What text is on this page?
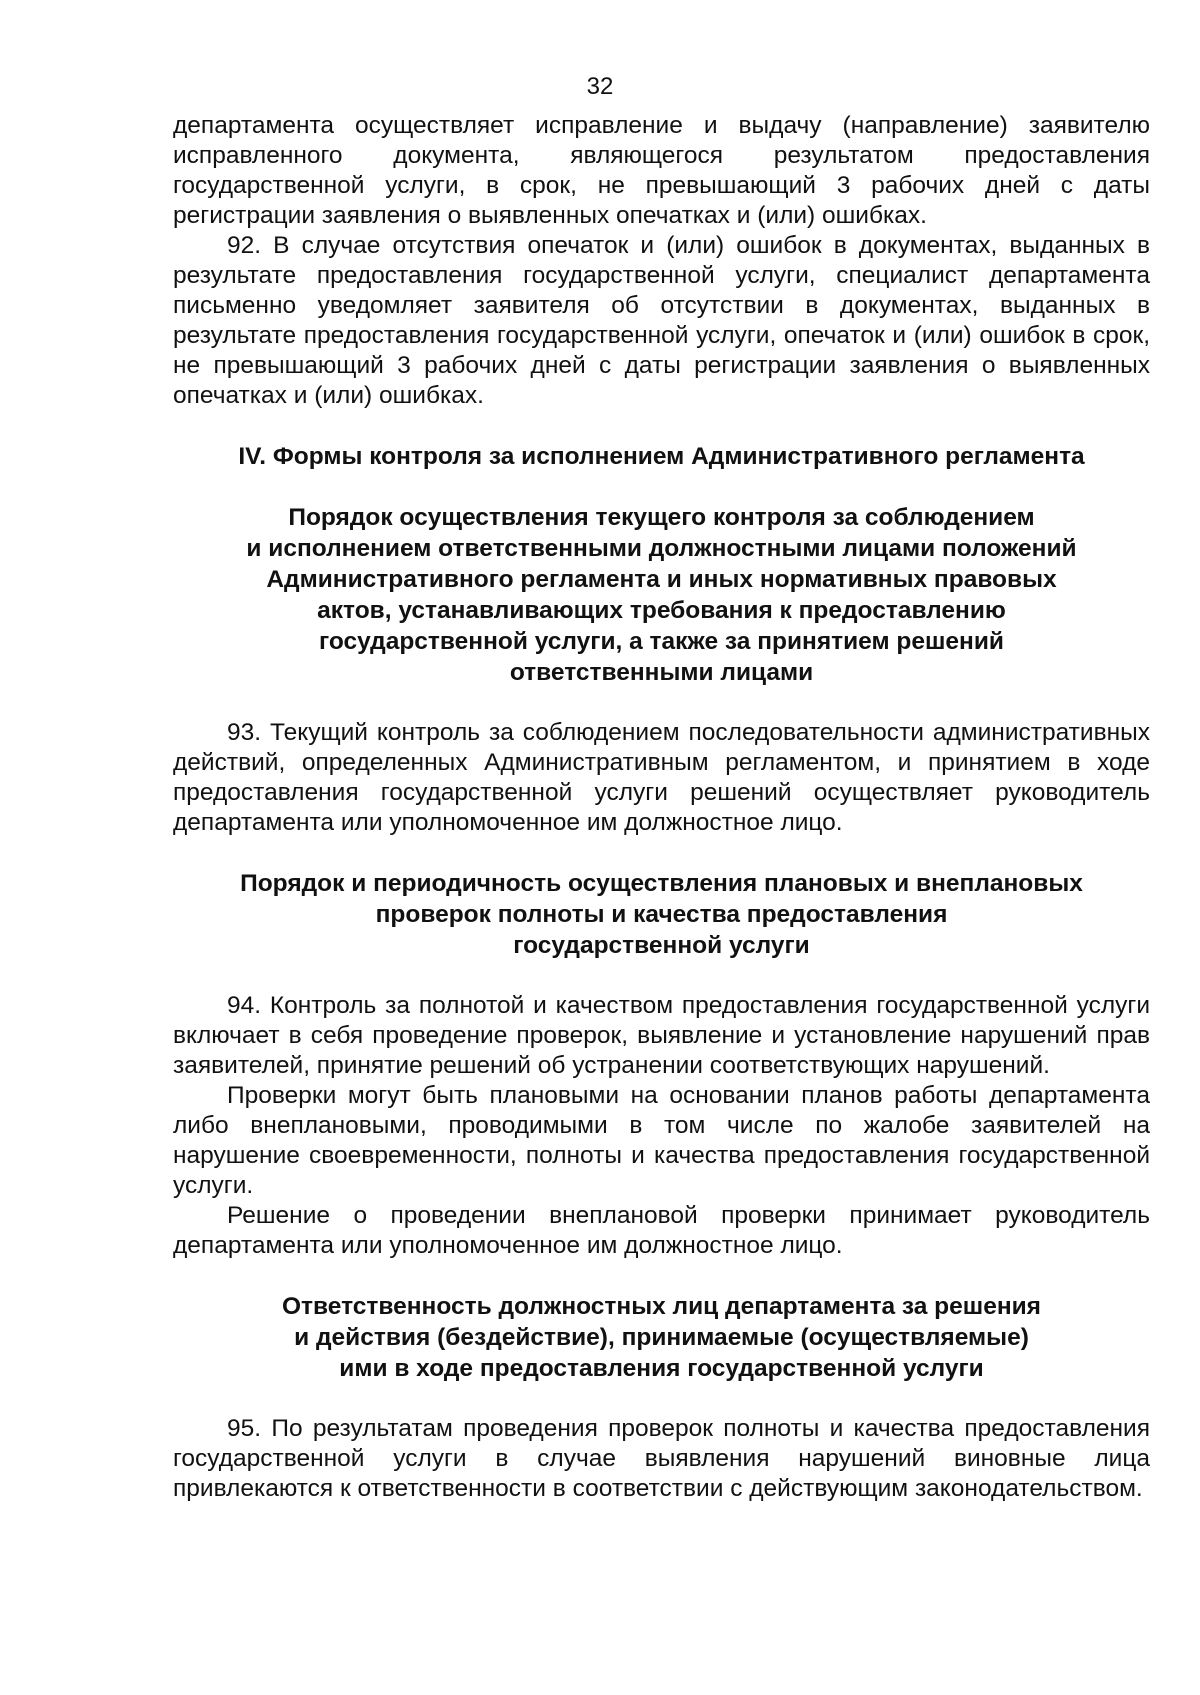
32

департамента осуществляет исправление и выдачу (направление) заявителю исправленного документа, являющегося результатом предоставления государственной услуги, в срок, не превышающий 3 рабочих дней с даты регистрации заявления о выявленных опечатках и (или) ошибках.

92. В случае отсутствия опечаток и (или) ошибок в документах, выданных в результате предоставления государственной услуги, специалист департамента письменно уведомляет заявителя об отсутствии в документах, выданных в результате предоставления государственной услуги, опечаток и (или) ошибок в срок, не превышающий 3 рабочих дней с даты регистрации заявления о выявленных опечатках и (или) ошибках.

IV. Формы контроля за исполнением Административного регламента
Порядок осуществления текущего контроля за соблюдением
и исполнением ответственными должностными лицами положений
Административного регламента и иных нормативных правовых
актов, устанавливающих требования к предоставлению
государственной услуги, а также за принятием решений
ответственными лицами

93. Текущий контроль за соблюдением последовательности административных действий, определенных Административным регламентом, и принятием в ходе предоставления государственной услуги решений осуществляет руководитель департамента или уполномоченное им должностное лицо.

Порядок и периодичность осуществления плановых и внеплановых
проверок полноты и качества предоставления
государственной услуги

94. Контроль за полнотой и качеством предоставления государственной услуги включает в себя проведение проверок, выявление и установление нарушений прав заявителей, принятие решений об устранении соответствующих нарушений.

Проверки могут быть плановыми на основании планов работы департамента либо внеплановыми, проводимыми в том числе по жалобе заявителей на нарушение своевременности, полноты и качества предоставления государственной услуги.

Решение о проведении внеплановой проверки принимает руководитель департамента или уполномоченное им должностное лицо.

Ответственность должностных лиц департамента за решения
и действия (бездействие), принимаемые (осуществляемые)
ими в ходе предоставления государственной услуги

95. По результатам проведения проверок полноты и качества предоставления государственной услуги в случае выявления нарушений виновные лица привлекаются к ответственности в соответствии с действующим законодательством.
